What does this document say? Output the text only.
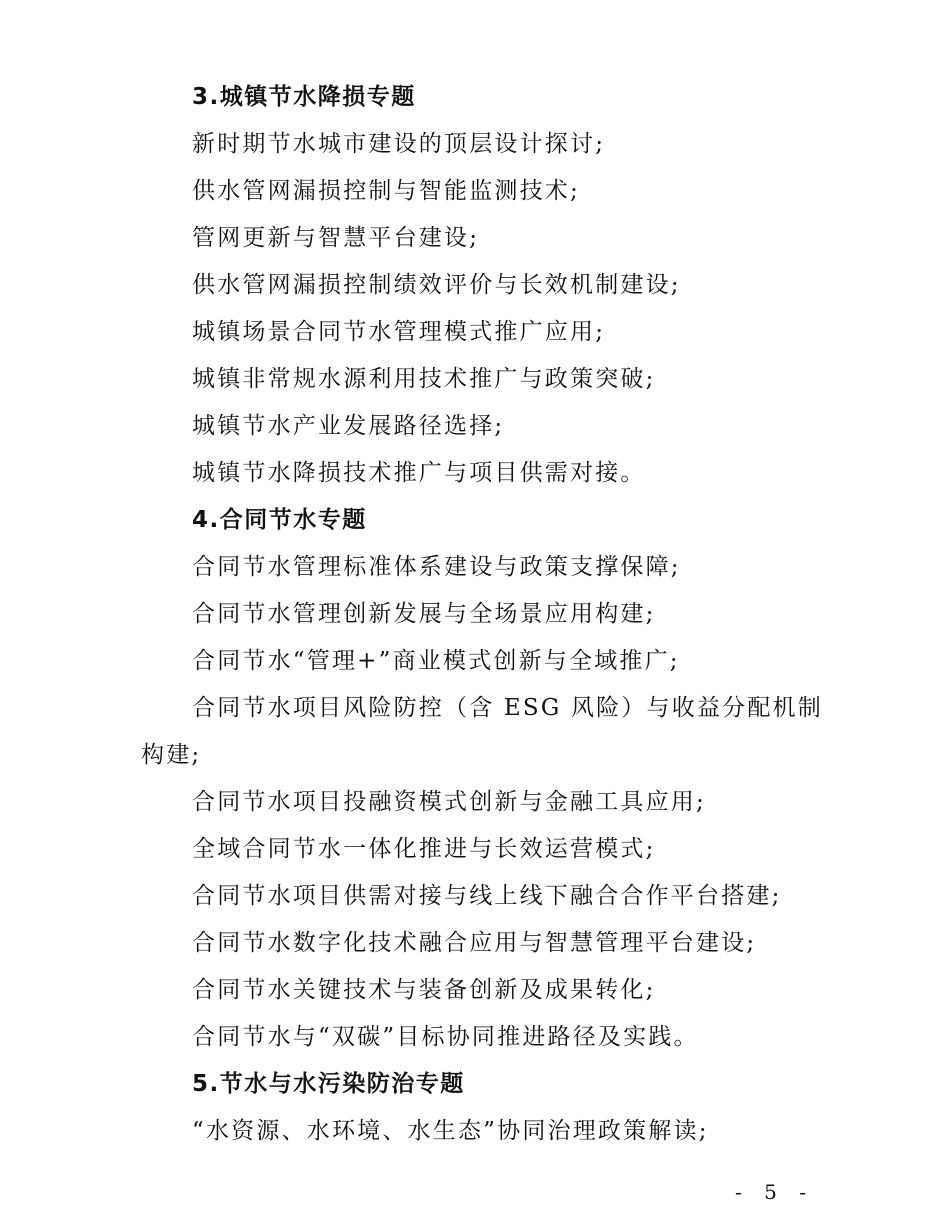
3.城镇节水降损专题
新时期节水城市建设的顶层设计探讨;
供水管网漏损控制与智能监测技术;
管网更新与智慧平台建设;
供水管网漏损控制绩效评价与长效机制建设;
城镇场景合同节水管理模式推广应用;
城镇非常规水源利用技术推广与政策突破;
城镇节水产业发展路径选择;
城镇节水降损技术推广与项目供需对接。
4.合同节水专题
合同节水管理标准体系建设与政策支撑保障;
合同节水管理创新发展与全场景应用构建;
合同节水“管理+”商业模式创新与全域推广;
合同节水项目风险防控（含 ESG 风险）与收益分配机制
构建;
合同节水项目投融资模式创新与金融工具应用;
全域合同节水一体化推进与长效运营模式;
合同节水项目供需对接与线上线下融合合作平台搭建;
合同节水数字化技术融合应用与智慧管理平台建设;
合同节水关键技术与装备创新及成果转化;
合同节水与“双碳”目标协同推进路径及实践。
5.节水与水污染防治专题
“水资源、水环境、水生态”协同治理政策解读;
- 5 -
